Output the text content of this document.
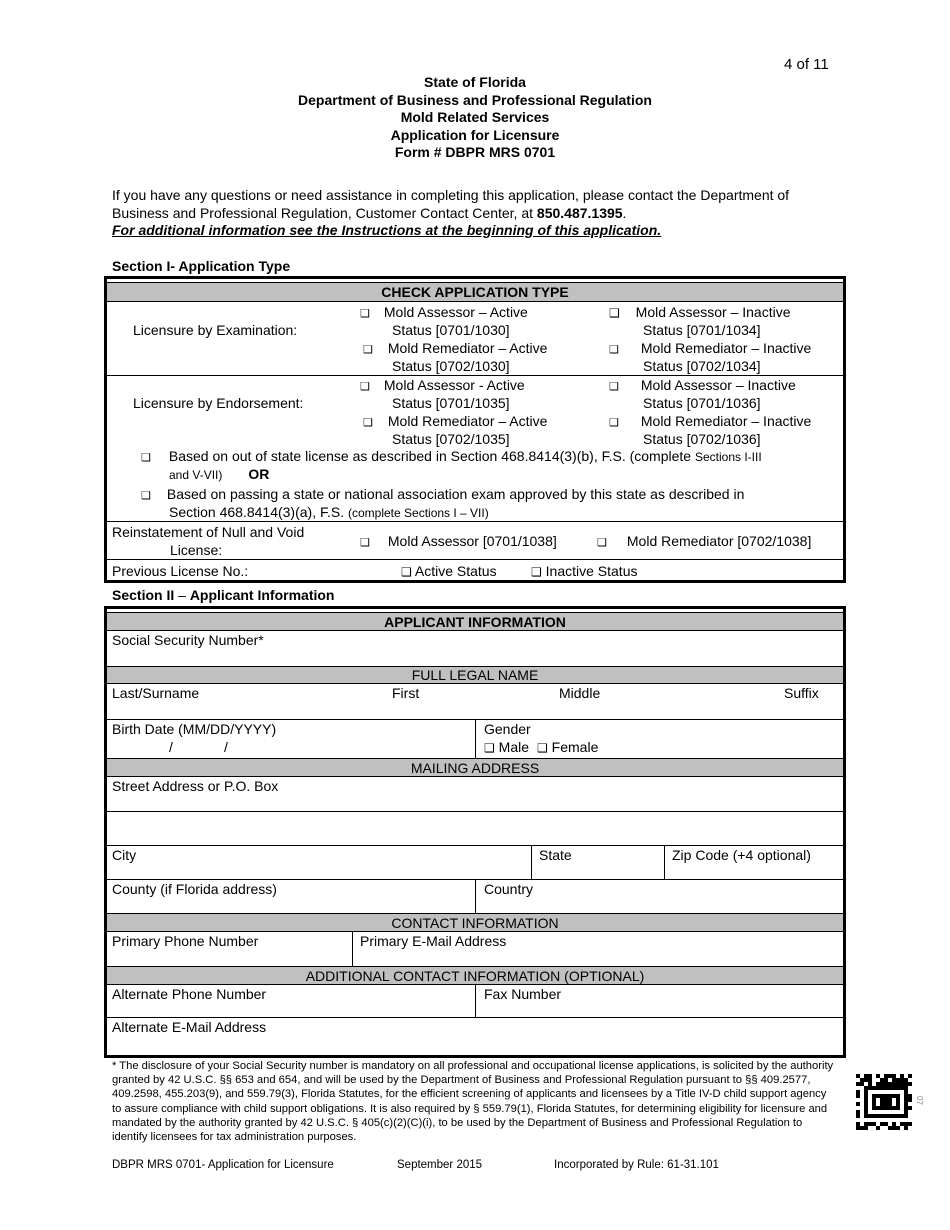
4 of 11
State of Florida
Department of Business and Professional Regulation
Mold Related Services
Application for Licensure
Form # DBPR MRS 0701
If you have any questions or need assistance in completing this application, please contact the Department of Business and Professional Regulation, Customer Contact Center, at 850.487.1395.
For additional information see the Instructions at the beginning of this application.
Section I- Application Type
CHECK APPLICATION TYPE
Licensure by Examination:
❑ Mold Assessor – Active
Status [0701/1030]
❑ Mold Remediator – Active
Status [0702/1030]
❑ Mold Assessor – Inactive
Status [0701/1034]
❑ Mold Remediator – Inactive
Status [0702/1034]
Licensure by Endorsement:
❑ Mold Assessor - Active
Status [0701/1035]
❑ Mold Remediator – Active
Status [0702/1035]
❑ Mold Assessor – Inactive
Status [0701/1036]
❑ Mold Remediator – Inactive
Status [0702/1036]
❑ Based on out of state license as described in Section 468.8414(3)(b), F.S. (complete Sections I-III
and V-VII) OR
❑ Based on passing a state or national association exam approved by this state as described in
Section 468.8414(3)(a), F.S. (complete Sections I – VII)
Reinstatement of Null and Void
License:	❑ Mold Assessor [0701/1038]	❑ Mold Remediator [0702/1038]
Previous License No.:	❑ Active Status	❑ Inactive Status
Section II – Applicant Information
APPLICANT INFORMATION
Social Security Number*
FULL LEGAL NAME
Last/Surname	First	Middle	Suffix
Birth Date (MM/DD/YYYY)
/	/
Gender
❑ Male ❑ Female
MAILING ADDRESS
Street Address or P.O. Box
City	State	Zip Code (+4 optional)
County (if Florida address)	Country
CONTACT INFORMATION
Primary Phone Number	Primary E-Mail Address
ADDITIONAL CONTACT INFORMATION (OPTIONAL)
Alternate Phone Number	Fax Number
Alternate E-Mail Address
* The disclosure of your Social Security number is mandatory on all professional and occupational license applications, is solicited by the authority granted by 42 U.S.C. §§ 653 and 654, and will be used by the Department of Business and Professional Regulation pursuant to §§ 409.2577, 409.2598, 455.203(9), and 559.79(3), Florida Statutes, for the efficient screening of applicants and licensees by a Title IV-D child support agency to assure compliance with child support obligations. It is also required by § 559.79(1), Florida Statutes, for determining eligibility for licensure and mandated by the authority granted by 42 U.S.C. § 405(c)(2)(C)(i), to be used by the Department of Business and Professional Regulation to identify licensees for tax administration purposes.
DBPR MRS 0701- Application for Licensure	September 2015	Incorporated by Rule: 61-31.101
07
